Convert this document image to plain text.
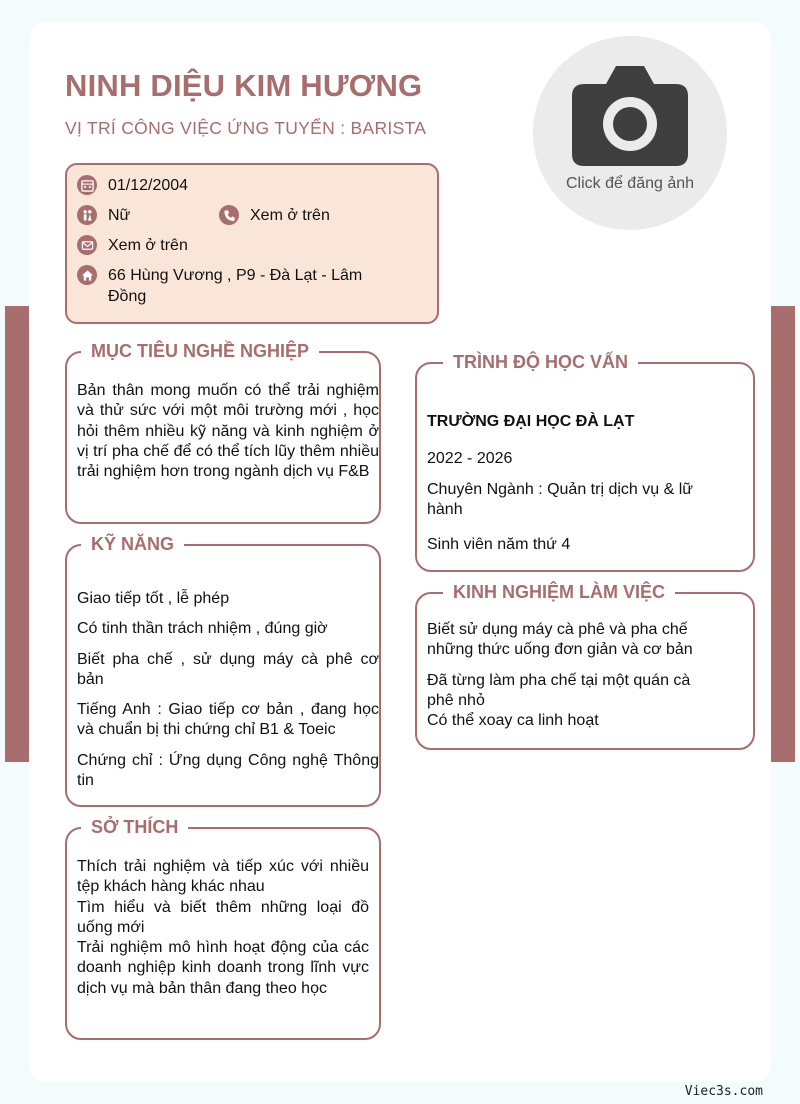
NINH DIỆU KIM HƯƠNG
VỊ TRÍ CÔNG VIỆC ỨNG TUYỂN : BARISTA
Click để đăng ảnh
01/12/2004
Nữ	Xem ở trên
Xem ở trên
66 Hùng Vương , P9 - Đà Lạt - Lâm Đồng
MỤC TIÊU NGHỀ NGHIỆP
Bản thân mong muốn có thể trải nghiệm và thử sức với một môi trường mới , học hỏi thêm nhiều kỹ năng và kinh nghiệm ở vị trí pha chế để có thể tích lũy thêm nhiều trải nghiệm hơn trong ngành dịch vụ F&B
KỸ NĂNG

Giao tiếp tốt , lễ phép

Có tinh thần trách nhiệm , đúng giờ

Biết pha chế , sử dụng máy cà phê cơ bản

Tiếng Anh : Giao tiếp cơ bản , đang học và chuẩn bị thi chứng chỉ B1 & Toeic

Chứng chỉ : Ứng dụng Công nghệ Thông tin

SỞ THÍCH

Thích trải nghiệm và tiếp xúc với nhiều tệp khách hàng khác nhau

Tìm hiểu và biết thêm những loại đồ uống mới

Trải nghiệm mô hình hoạt động của các doanh nghiệp kinh doanh trong lĩnh vực dịch vụ mà bản thân đang theo học

TRÌNH ĐỘ HỌC VẤN

TRƯỜNG ĐẠI HỌC ĐÀ LẠT

2022 - 2026

Chuyên Ngành : Quản trị dịch vụ & lữ hành

Sinh viên năm thứ 4

KINH NGHIỆM LÀM VIỆC

Biết sử dụng máy cà phê và pha chế những thức uống đơn giản và cơ bản

Đã từng làm pha chế tại một quán cà phê nhỏ

Có thể xoay ca linh hoạt

Viec3s.com
